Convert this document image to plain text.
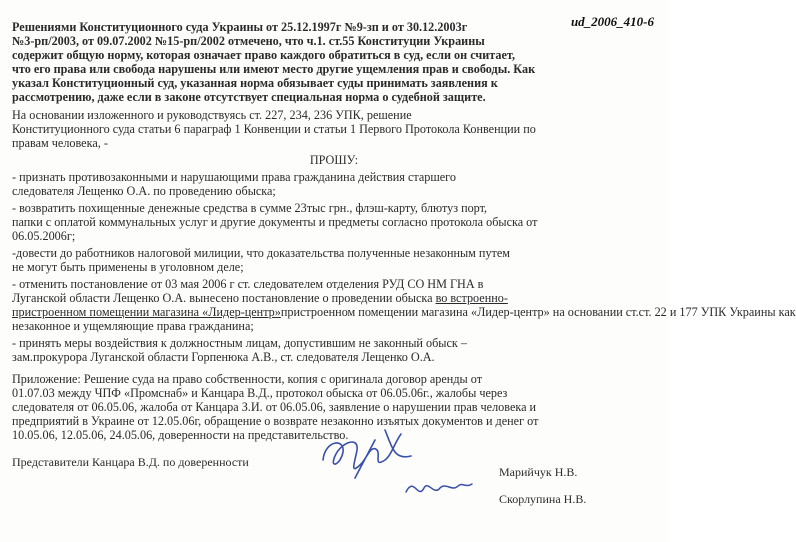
ud_2006_410-6
Решениями Конституционного суда Украины от 25.12.1997г №9-зп и от 30.12.2003г
№3-рп/2003, от 09.07.2002 №15-рп/2002 отмечено, что ч.1. ст.55 Конституции Украины
содержит общую норму, которая означает право каждого обратиться в суд, если он считает,
что его права или свобода нарушены или имеют место другие ущемления прав и свободы. Как
указал Конституционный суд, указанная норма обязывает суды принимать заявления к
рассмотрению, даже если в законе отсутствует специальная норма о судебной защите.
На основании изложенного и руководствуясь ст. 227, 234, 236 УПК, решение
Конституционного суда статьи 6 параграф 1 Конвенции и статьи 1 Первого Протокола Конвенции по
правам человека, -
ПРОШУ:
- признать противозаконными и нарушающими права гражданина действия старшего
следователя Лещенко О.А. по проведению обыска;
- возвратить похищенные денежные средства в сумме 23тыс грн., флэш-карту, блютуз порт,
папки с оплатой коммунальных услуг и другие документы и предметы согласно протокола обыска от
06.05.2006г;
-довести до работников налоговой милиции, что доказательства полученные незаконным путем
не могут быть применены в уголовном деле;
- отменить постановление от 03 мая 2006 г ст. следователем отделения РУД СО НМ ГНА в
Луганской области Лещенко О.А. вынесено постановление о проведении обыска во встроенно-
пристроенном помещении магазина «Лидер-центр»пристроенном помещении магазина «Лидер-центр» на основании ст.ст. 22 и 177 УПК Украины как
незаконное и ущемляющие права гражданина;
- принять меры воздействия к должностным лицам, допустившим не законный обыск –
зам.прокурора Луганской области Горпенюка А.В., ст. следователя Лещенко О.А.
Приложение: Решение суда на право собственности, копия с оригинала договор аренды от
01.07.03 между ЧПФ «Промснаб» и Канцара В.Д., протокол обыска от 06.05.06г., жалобы через
следователя от 06.05.06, жалоба от Канцара З.И. от 06.05.06, заявление о нарушении прав человека и
предприятий в Украине от 12.05.06г, обращение о возврате незаконно изъятых документов и денег от
10.05.06, 12.05.06, 24.05.06, доверенности на представительство.
Представители Канцара В.Д. по доверенности
Марийчук Н.В.
Скорлупина Н.В.
